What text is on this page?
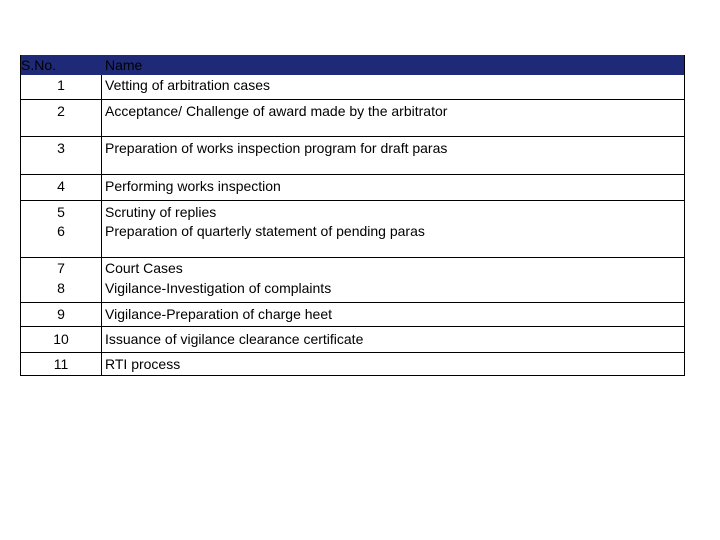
S.No.	Name
1	Vetting of arbitration cases
2	Acceptance/ Challenge of award made by the arbitrator
3	Preparation of works inspection program for draft paras
4	Performing works inspection
5	Scrutiny of replies
6	Preparation of quarterly statement of pending paras
7	Court Cases
8	Vigilance-Investigation of complaints
9	Vigilance-Preparation of charge heet
10	Issuance of vigilance clearance certificate
11	RTI process
